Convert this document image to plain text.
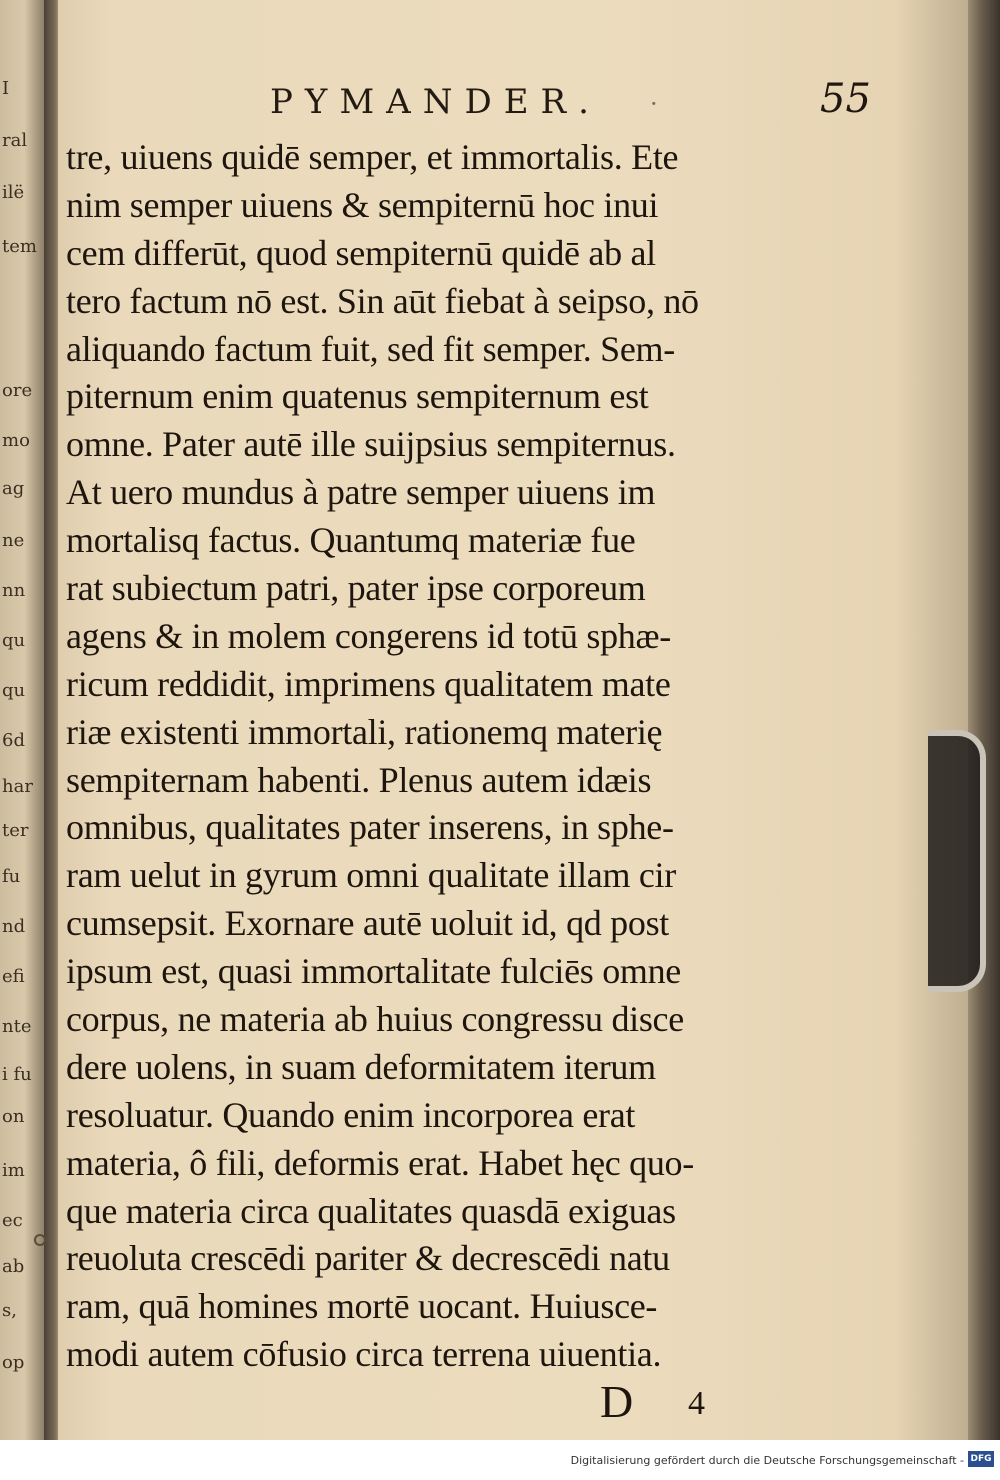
I
ral
ilë
tem
ore
mo
ag
ne
nn
qu
qu
6d
har
ter
fu
nd
efi
nte
i fu
on
im
ec
ab
s,
op
PYMANDER.	·	55
tre, uiuens quidē semper, et immortalis. Ete
nim semper uiuens & sempiternū hoc inui
cem differūt, quod sempiternū quidē ab al
tero factum nō est. Sin aūt fiebat à seipso, nō
aliquando factum fuit, sed fit semper. Sem-
piternum enim quatenus sempiternum est
omne. Pater autē ille suijpsius sempiternus.
At uero mundus à patre semper uiuens im
mortalisq factus. Quantumq materiæ fue
rat subiectum patri, pater ipse corporeum
agens & in molem congerens id totū sphæ-
ricum reddidit, imprimens qualitatem mate
riæ existenti immortali, rationemq materię
sempiternam habenti. Plenus autem idæis
omnibus, qualitates pater inserens, in sphe-
ram uelut in gyrum omni qualitate illam cir
cumsepsit. Exornare autē uoluit id, qd post
ipsum est, quasi immortalitate fulciēs omne
corpus, ne materia ab huius congressu disce
dere uolens, in suam deformitatem iterum
resoluatur. Quando enim incorporea erat
materia, ô fili, deformis erat. Habet hęc quo-
que materia circa qualitates quasdā exiguas
reuoluta crescēdi pariter & decrescēdi natu
ram, quā homines mortē uocant. Huiusce-
modi autem cōfusio circa terrena uiuentia.
D 4
Digitalisierung gefördert durch die Deutsche Forschungsgemeinschaft - DFG
